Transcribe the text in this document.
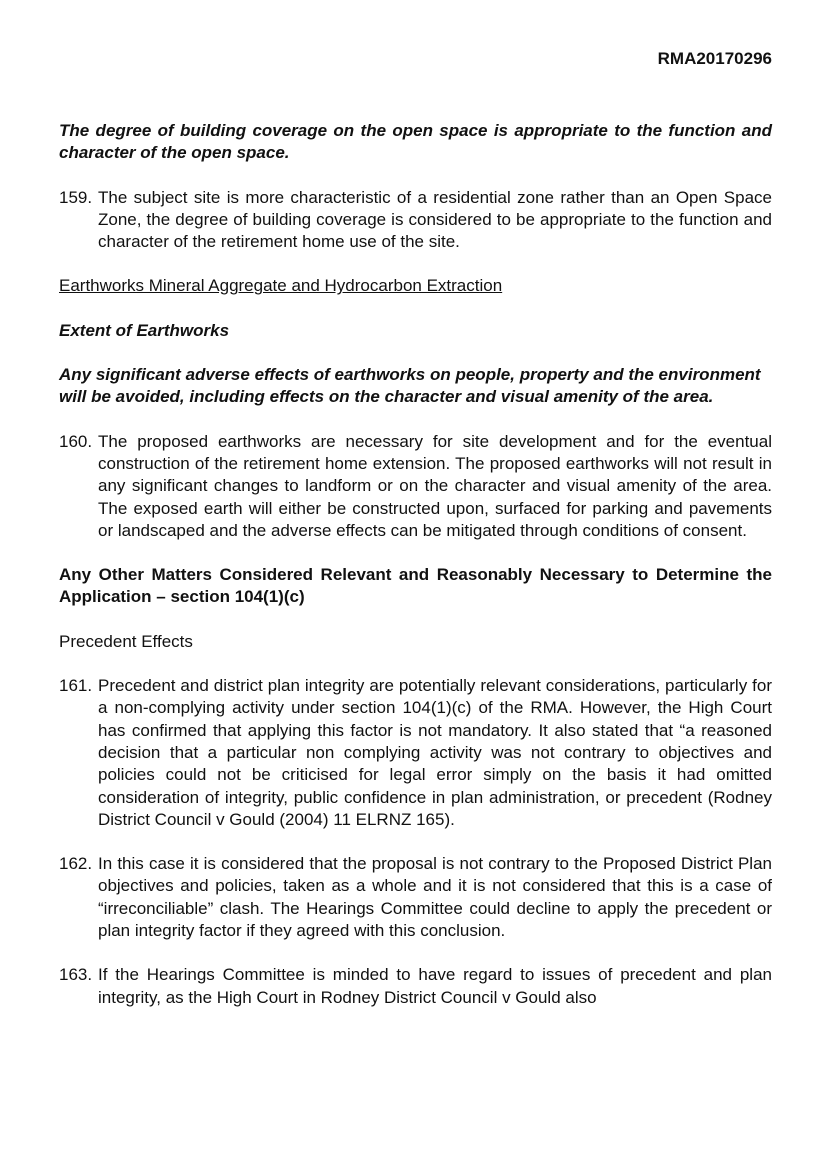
RMA20170296

The degree of building coverage on the open space is appropriate to the function and character of the open space.

159. The subject site is more characteristic of a residential zone rather than an Open Space Zone, the degree of building coverage is considered to be appropriate to the function and character of the retirement home use of the site.

Earthworks Mineral Aggregate and Hydrocarbon Extraction

Extent of Earthworks

Any significant adverse effects of earthworks on people, property and the environment will be avoided, including effects on the character and visual amenity of the area.

160. The proposed earthworks are necessary for site development and for the eventual construction of the retirement home extension. The proposed earthworks will not result in any significant changes to landform or on the character and visual amenity of the area. The exposed earth will either be constructed upon, surfaced for parking and pavements or landscaped and the adverse effects can be mitigated through conditions of consent.

Any Other Matters Considered Relevant and Reasonably Necessary to Determine the Application – section 104(1)(c)

Precedent Effects

161. Precedent and district plan integrity are potentially relevant considerations, particularly for a non-complying activity under section 104(1)(c) of the RMA. However, the High Court has confirmed that applying this factor is not mandatory. It also stated that “a reasoned decision that a particular non complying activity was not contrary to objectives and policies could not be criticised for legal error simply on the basis it had omitted consideration of integrity, public confidence in plan administration, or precedent (Rodney District Council v Gould (2004) 11 ELRNZ 165).
162. In this case it is considered that the proposal is not contrary to the Proposed District Plan objectives and policies, taken as a whole and it is not considered that this is a case of “irreconciliable” clash. The Hearings Committee could decline to apply the precedent or plan integrity factor if they agreed with this conclusion.
163. If the Hearings Committee is minded to have regard to issues of precedent and plan integrity, as the High Court in Rodney District Council v Gould also
